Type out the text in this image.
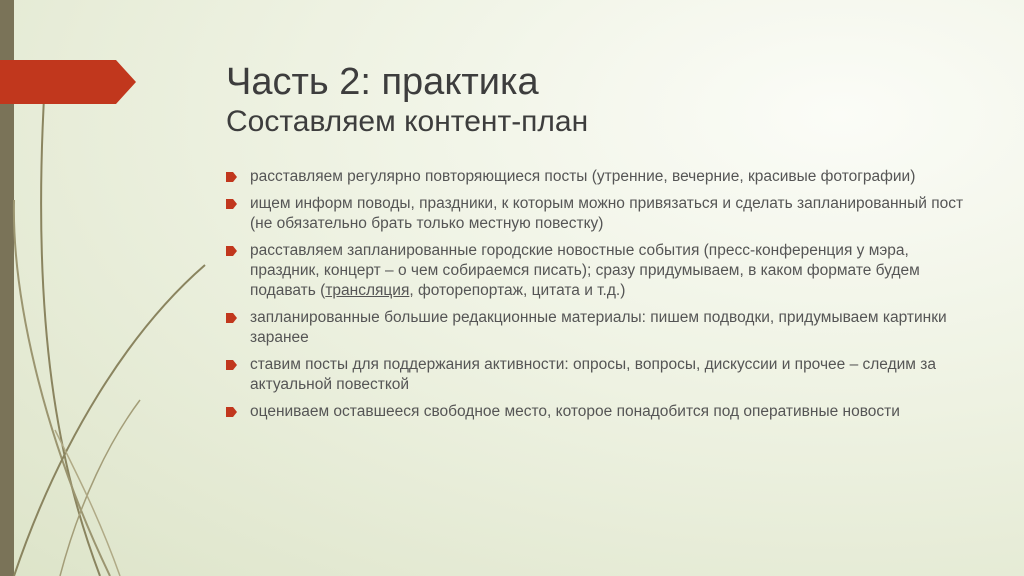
Часть 2: практика
Составляем контент-план
расставляем регулярно повторяющиеся посты (утренние, вечерние, красивые фотографии)
ищем информ поводы, праздники, к которым можно привязаться и сделать запланированный пост (не обязательно брать только местную повестку)
расставляем запланированные городские новостные события (пресс-конференция у мэра, праздник, концерт – о чем собираемся писать); сразу придумываем, в каком формате будем подавать (трансляция, фоторепортаж, цитата и т.д.)
запланированные большие редакционные материалы: пишем подводки, придумываем картинки заранее
ставим посты для поддержания активности: опросы, вопросы, дискуссии и прочее – следим за актуальной повесткой
оцениваем оставшееся свободное место, которое понадобится под оперативные новости
